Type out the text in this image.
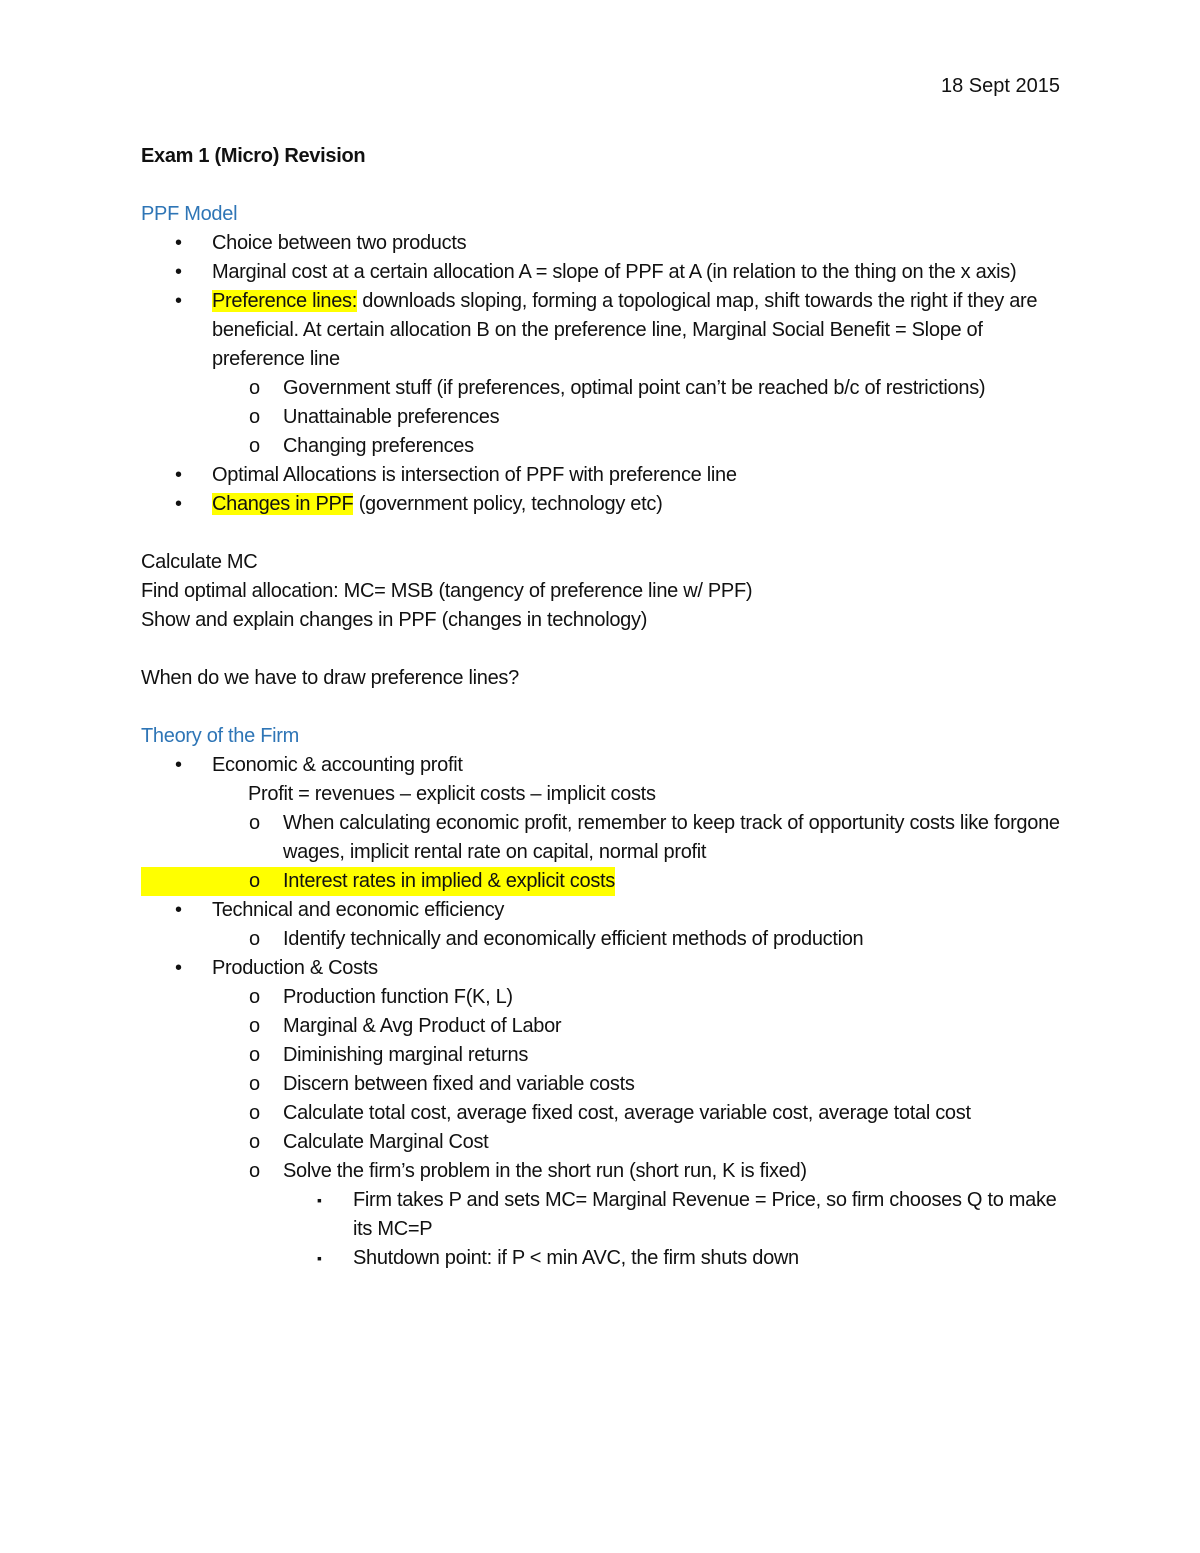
18 Sept 2015

Exam 1 (Micro) Revision

PPF Model

• Choice between two products
• Marginal cost at a certain allocation A = slope of PPF at A (in relation to the thing on the x axis)
• Preference lines: downloads sloping, forming a topological map, shift towards the right if they are beneficial. At certain allocation B on the preference line, Marginal Social Benefit = Slope of preference line
o Government stuff (if preferences, optimal point can’t be reached b/c of restrictions)
o Unattainable preferences
o Changing preferences
• Optimal Allocations is intersection of PPF with preference line
• Changes in PPF (government policy, technology etc)

Calculate MC

Find optimal allocation: MC= MSB (tangency of preference line w/ PPF)

Show and explain changes in PPF (changes in technology)

When do we have to draw preference lines?

Theory of the Firm

• Economic & accounting profit
Profit = revenues – explicit costs – implicit costs
o When calculating economic profit, remember to keep track of opportunity costs like forgone wages, implicit rental rate on capital, normal profit
o o Interest rates in implied & explicit costs
• Technical and economic efficiency
o Identify technically and economically efficient methods of production
• Production & Costs
o Production function F(K, L)
o Marginal & Avg Product of Labor
o Diminishing marginal returns
o Discern between fixed and variable costs
o Calculate total cost, average fixed cost, average variable cost, average total cost
o Calculate Marginal Cost
o Solve the firm’s problem in the short run (short run, K is fixed)
▪ Firm takes P and sets MC= Marginal Revenue = Price, so firm chooses Q to make its MC=P
▪ Shutdown point: if P < min AVC, the firm shuts down
